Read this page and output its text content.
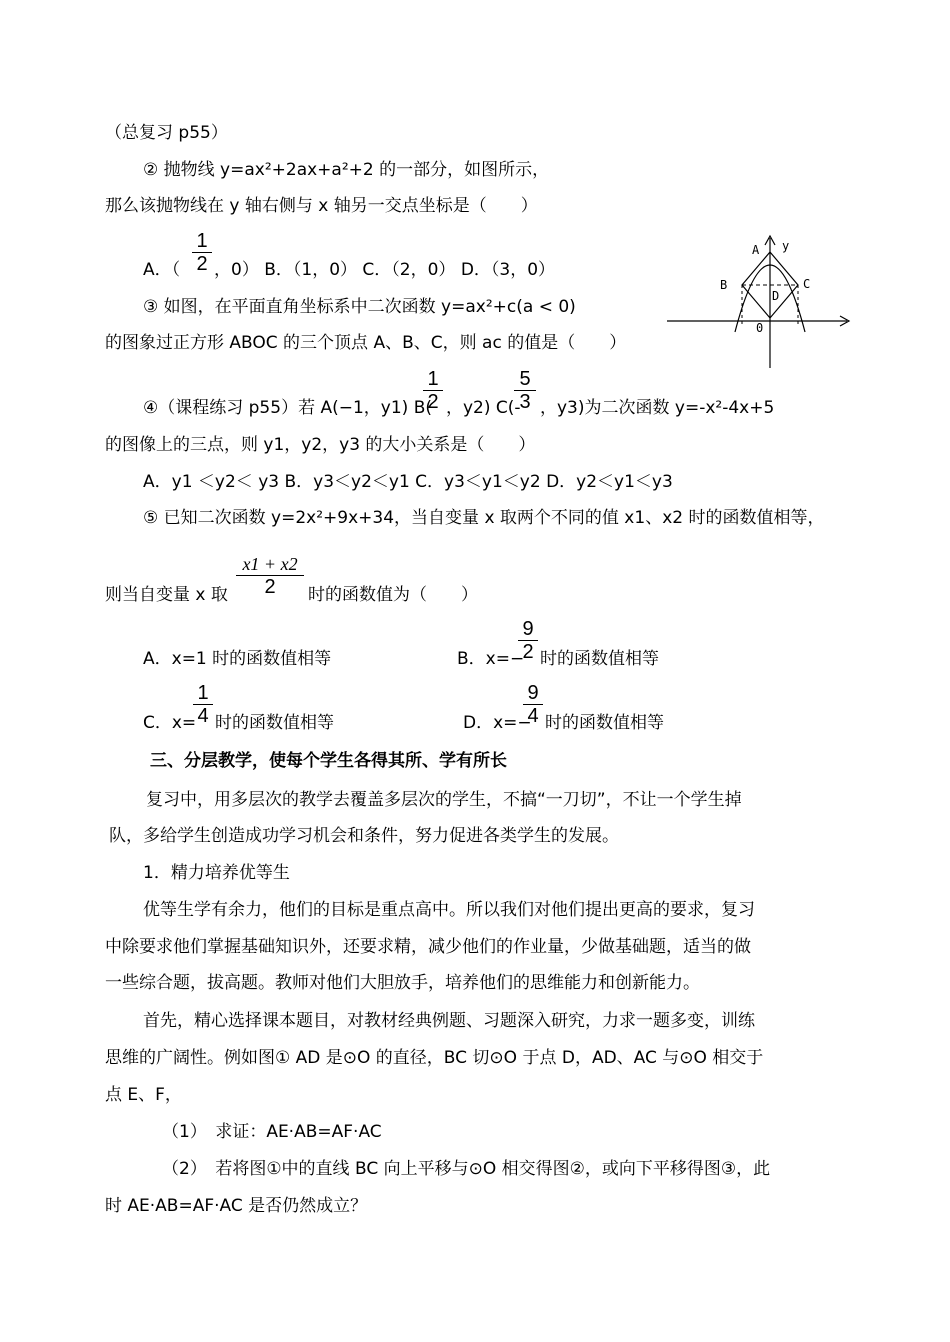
（总复习 p55）
② 抛物线 y=ax²+2ax+a²+2 的一部分，如图所示，
那么该抛物线在 y 轴右侧与 x 轴另一交点坐标是（　　）
A．（
1
2 ，0） B．（1，0） C．（2，0） D．（3，0）
③ 如图，在平面直角坐标系中二次函数 y=ax²+c(a < 0)
的图象过正方形 ABOC 的三个顶点 A、B、C，则 ac 的值是（　　）
④（课程练习 p55）若 A(−1，y1) B(
1
2 ，y2) C(-
5
3 ，y3)为二次函数 y=-x²-4x+5
的图像上的三点，则 y1，y2，y3 的大小关系是（　　）
A．y1 ＜y2＜ y3 B．y3＜y2＜y1 C．y3＜y1＜y2 D．y2＜y1＜y3
⑤ 已知二次函数 y=2x²+9x+34，当自变量 x 取两个不同的值 x1、x2 时的函数值相等，
则当自变量 x 取
x1 + x2
2	时的函数值为（　　）
A．x=1 时的函数值相等	B．x=−
9
2 时的函数值相等
C．x=
1
4 时的函数值相等	D．x=−
9
4 时的函数值相等
三、分层教学，使每个学生各得其所、学有所长
复习中，用多层次的教学去覆盖多层次的学生，不搞“一刀切”，不让一个学生掉
队，多给学生创造成功学习机会和条件，努力促进各类学生的发展。
1．精力培养优等生
优等生学有余力，他们的目标是重点高中。所以我们对他们提出更高的要求，复习
中除要求他们掌握基础知识外，还要求精，减少他们的作业量，少做基础题，适当的做
一些综合题，拔高题。教师对他们大胆放手，培养他们的思维能力和创新能力。
首先，精心选择课本题目，对教材经典例题、习题深入研究，力求一题多变，训练
思维的广阔性。例如图① AD 是⊙O 的直径，BC 切⊙O 于点 D，AD、AC 与⊙O 相交于
点 E、F，
（1）　求证：AE·AB=AF·AC
（2）　若将图①中的直线 BC 向上平移与⊙O 相交得图②，或向下平移得图③，此
时 AE·AB=AF·AC 是否仍然成立？
A y
B	C
D
0
